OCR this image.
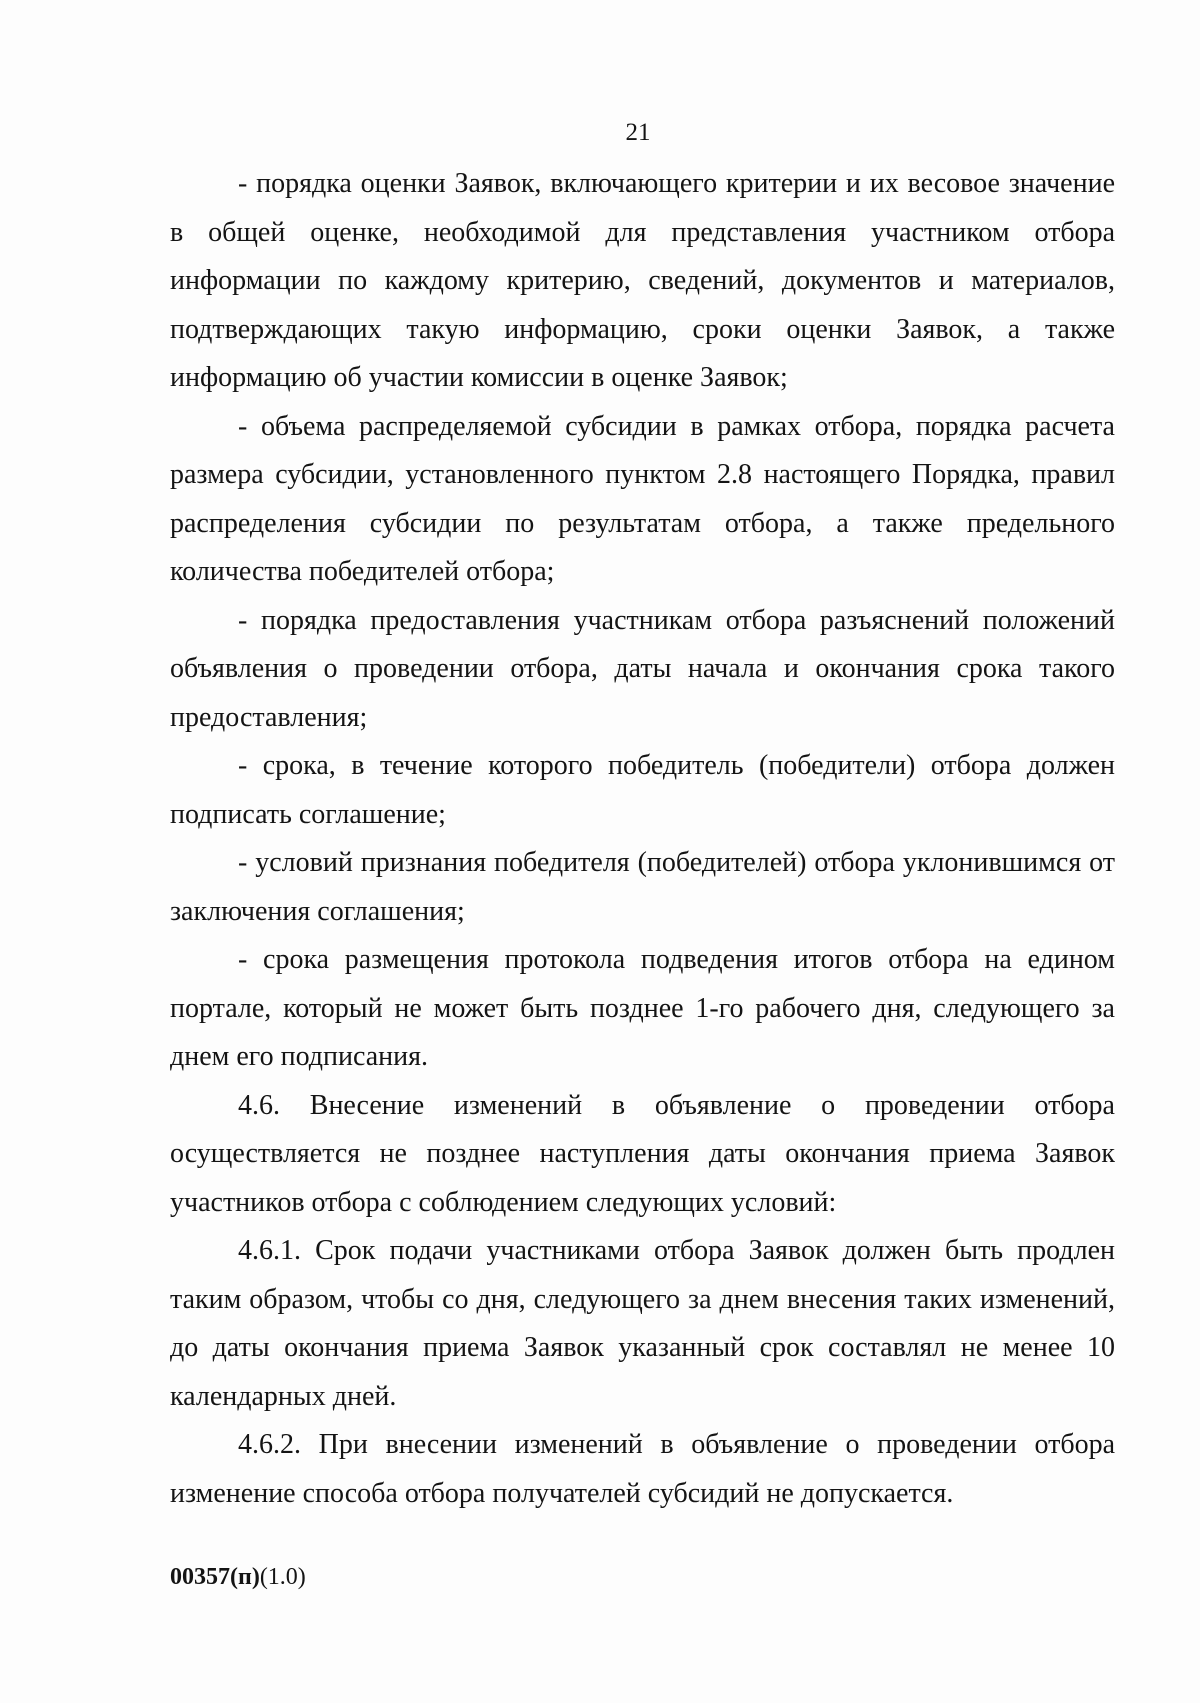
21

- порядка оценки Заявок, включающего критерии и их весовое значение в общей оценке, необходимой для представления участником отбора информации по каждому критерию, сведений, документов и материалов, подтверждающих такую информацию, сроки оценки Заявок, а также информацию об участии комиссии в оценке Заявок;

- объема распределяемой субсидии в рамках отбора, порядка расчета размера субсидии, установленного пунктом 2.8 настоящего Порядка, правил распределения субсидии по результатам отбора, а также предельного количества победителей отбора;

- порядка предоставления участникам отбора разъяснений положений объявления о проведении отбора, даты начала и окончания срока такого предоставления;

- срока, в течение которого победитель (победители) отбора должен подписать соглашение;

- условий признания победителя (победителей) отбора уклонившимся от заключения соглашения;

- срока размещения протокола подведения итогов отбора на едином портале, который не может быть позднее 1-го рабочего дня, следующего за днем его подписания.

4.6. Внесение изменений в объявление о проведении отбора осуществляется не позднее наступления даты окончания приема Заявок участников отбора с соблюдением следующих условий:

4.6.1. Срок подачи участниками отбора Заявок должен быть продлен таким образом, чтобы со дня, следующего за днем внесения таких изменений, до даты окончания приема Заявок указанный срок составлял не менее 10 календарных дней.

4.6.2. При внесении изменений в объявление о проведении отбора изменение способа отбора получателей субсидий не допускается.

00357(п)(1.0)
